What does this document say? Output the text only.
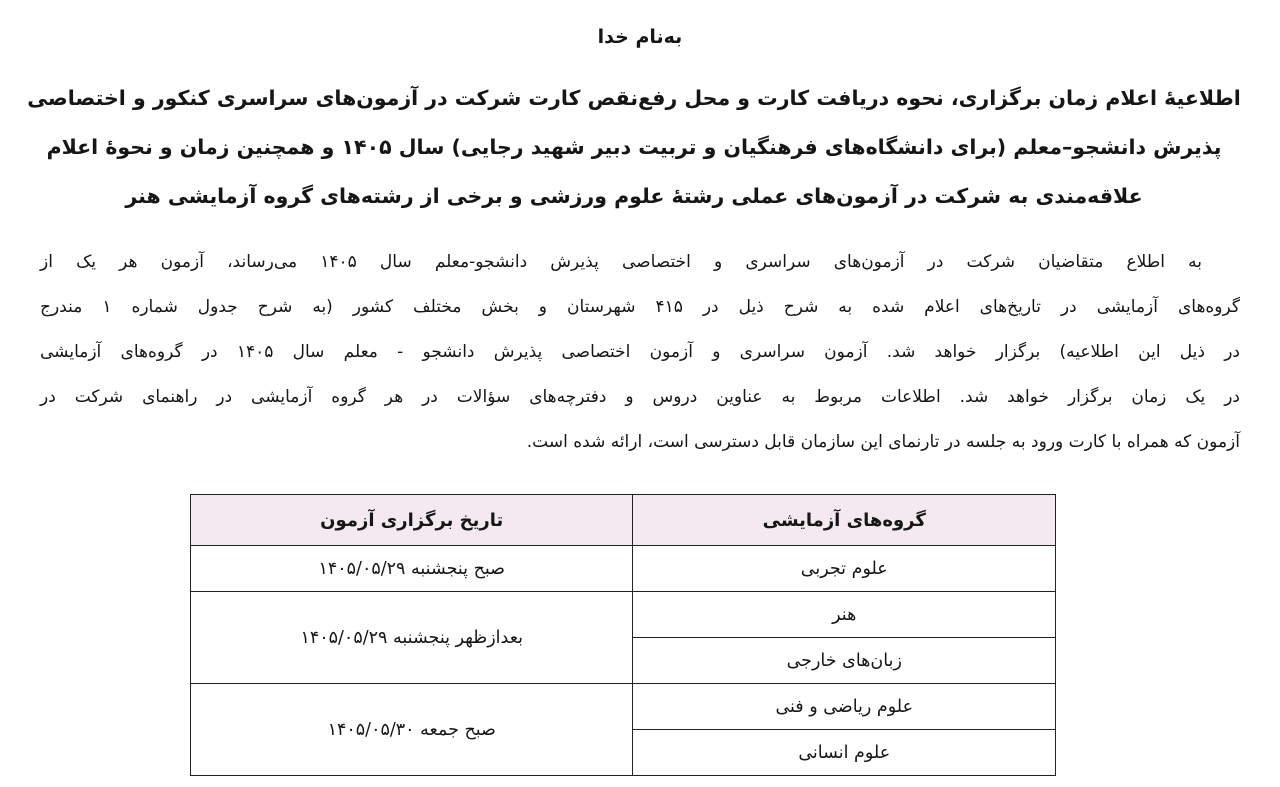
به‌نام خدا
اطلاعیۀ اعلام زمان برگزاری، نحوه دریافت کارت و محل رفع‌نقص کارت شرکت در آزمون‌های سراسری کنکور و اختصاصی
پذیرش دانشجو–معلم (برای دانشگاه‌های فرهنگیان و تربیت دبیر شهید رجایی) سال ۱۴۰۵ و همچنین زمان و نحوۀ اعلام
علاقه‌مندی به شرکت در آزمون‌های عملی رشتۀ علوم ورزشی و برخی از رشته‌های گروه آزمایشی هنر
به اطلاع متقاضیان شرکت در آزمون‌های سراسری و اختصاصی پذیرش دانشجو-معلم سال ۱۴۰۵ می‌رساند، آزمون هر یک از
گروه‌های آزمایشی در تاریخ‌های اعلام شده به شرح ذیل در ۴۱۵ شهرستان و بخش مختلف کشور (به شرح جدول شماره ۱ مندرج
در ذیل این اطلاعیه) برگزار خواهد شد. آزمون سراسری و آزمون اختصاصی پذیرش دانشجو - معلم سال ۱۴۰۵ در گروه‌های آزمایشی
در یک زمان برگزار خواهد شد. اطلاعات مربوط به عناوین دروس و دفترچه‌های سؤالات در هر گروه آزمایشی در راهنمای شرکت در
آزمون که همراه با کارت ورود به جلسه در تارنمای این سازمان قابل دسترسی است، ارائه شده است.
گروه‌های آزمایشی	تاریخ برگزاری آزمون
علوم تجربی	صبح پنجشنبه ۱۴۰۵/۰۵/۲۹
هنر	بعدازظهر پنجشنبه ۱۴۰۵/۰۵/۲۹
زبان‌های خارجی	
علوم ریاضی و فنی	صبح جمعه ۱۴۰۵/۰۵/۳۰
علوم انسانی	
